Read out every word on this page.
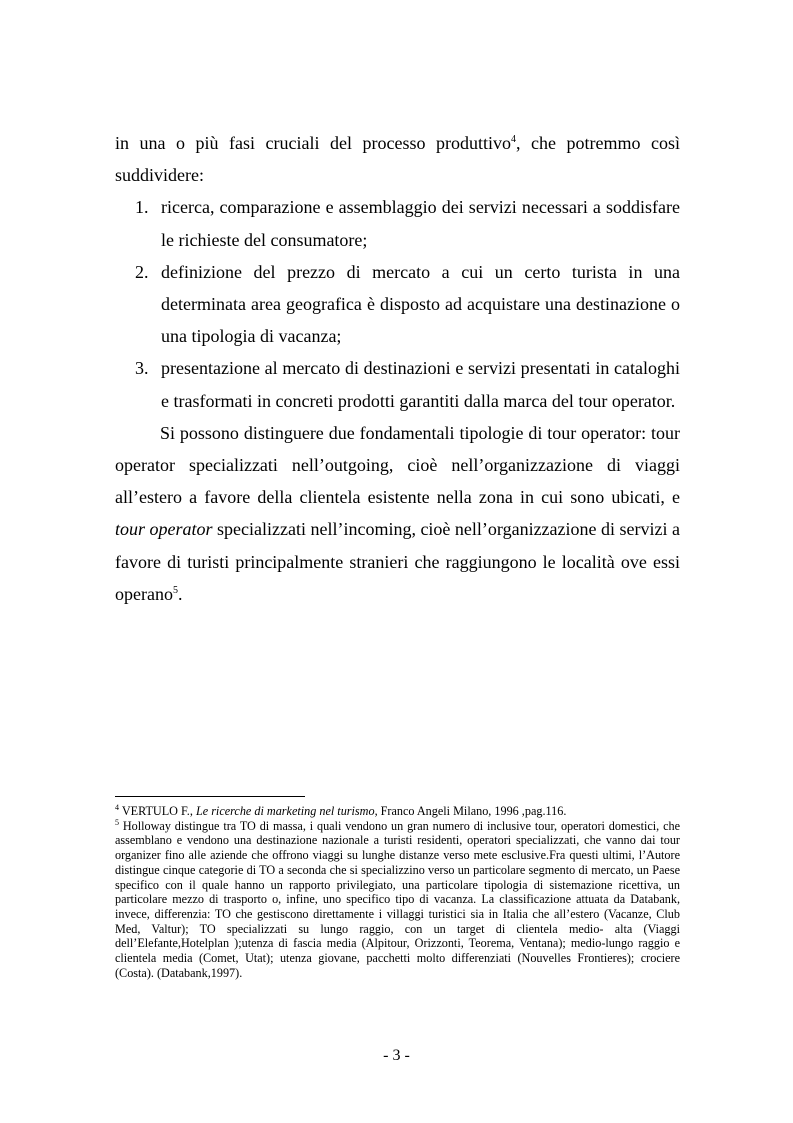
in una o più fasi cruciali del processo produttivo$^4$, che potremmo così suddividere:

1. ricerca, comparazione e assemblaggio dei servizi necessari a soddisfare le richieste del consumatore;
2. definizione del prezzo di mercato a cui un certo turista in una determinata area geografica è disposto ad acquistare una destinazione o una tipologia di vacanza;
3. presentazione al mercato di destinazioni e servizi presentati in cataloghi e trasformati in concreti prodotti garantiti dalla marca del tour operator.

Si possono distinguere due fondamentali tipologie di tour operator: tour operator specializzati nell’outgoing, cioè nell’organizzazione di viaggi all’estero a favore della clientela esistente nella zona in cui sono ubicati, e tour operator specializzati nell’incoming, cioè nell’organizzazione di servizi a favore di turisti principalmente stranieri che raggiungono le località ove essi operano$^5$.

$^4$ VERTULO F., Le ricerche di marketing nel turismo, Franco Angeli Milano, 1996 ,pag.116.

$^5$ Holloway distingue tra TO di massa, i quali vendono un gran numero di inclusive tour, operatori domestici, che assemblano e vendono una destinazione nazionale a turisti residenti, operatori specializzati, che vanno dai tour organizer fino alle aziende che offrono viaggi su lunghe distanze verso mete esclusive.Fra questi ultimi, l’Autore distingue cinque categorie di TO a seconda che si specializzino verso un particolare segmento di mercato, un Paese specifico con il quale hanno un rapporto privilegiato, una particolare tipologia di sistemazione ricettiva, un particolare mezzo di trasporto o, infine, uno specifico tipo di vacanza. La classificazione attuata da Databank, invece, differenzia: TO che gestiscono direttamente i villaggi turistici sia in Italia che all’estero (Vacanze, Club Med, Valtur); TO specializzati su lungo raggio, con un target di clientela medio- alta (Viaggi dell’Elefante,Hotelplan );utenza di fascia media (Alpitour, Orizzonti, Teorema, Ventana); medio-lungo raggio e clientela media (Comet, Utat); utenza giovane, pacchetti molto differenziati (Nouvelles Frontieres); crociere (Costa). (Databank,1997).

- 3 -
